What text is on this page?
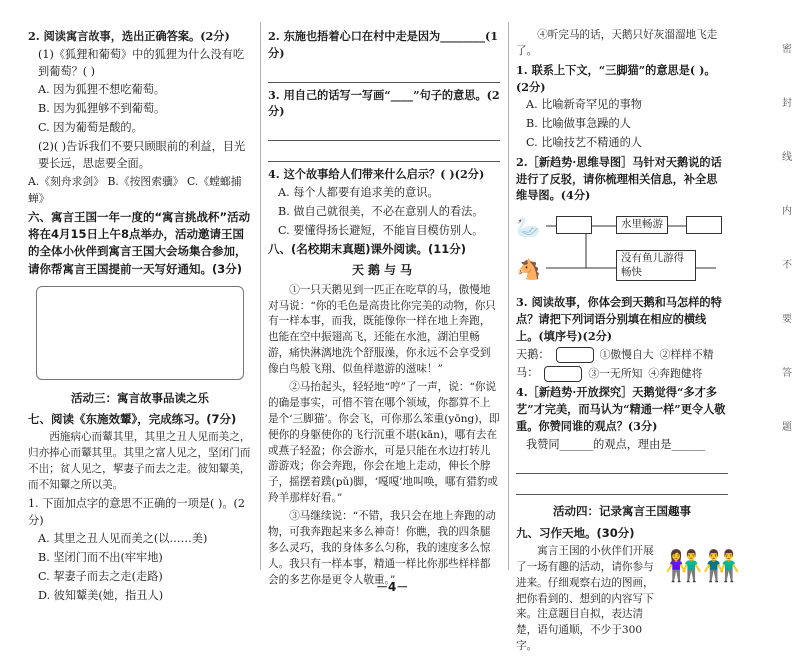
2. 阅读寓言故事，选出正确答案。(2分)
(1)《狐狸和葡萄》中的狐狸为什么没有吃到葡萄？( )
A. 因为狐狸不想吃葡萄。
B. 因为狐狸够不到葡萄。
C. 因为葡萄是酸的。
(2)( )告诉我们不要只顾眼前的利益，目光要长远，思虑要全面。
A.《刻舟求剑》 B.《按图索骥》 C.《螳螂捕蝉》
六、寓言王国一年一度的“寓言挑战杯”活动将在4月15日上午8点举办，活动邀请王国的全体小伙伴到寓言王国大会场集合参加，请你帮寓言王国提前一天写好通知。(3分)
活动三：寓言故事品读之乐
七、阅读《东施效颦》，完成练习。(7分)
西施病心而颦其里，其里之丑人见而美之，归亦捧心而颦其里。其里之富人见之，坚闭门而不出；贫人见之，挈妻子而去之走。彼知颦美，而不知颦之所以美。
1. 下面加点字的意思不正确的一项是( )。(2分)
A. 其里之丑人见而美之(以……美)
B. 坚闭门而不出(牢牢地)
C. 挈妻子而去之走(走路)
D. 彼知颦美(她，指丑人)
2. 东施也捂着心口在村中走是因为________(1分)
3. 用自己的话写一写画“____”句子的意思。(2分)
4. 这个故事给人们带来什么启示？( )(2分)
A. 每个人都要有追求美的意识。
B. 做自己就很美，不必在意别人的看法。
C. 要懂得扬长避短，不能盲目模仿别人。
八、(名校期末真题)课外阅读。(11分)
天鹅与马
①一只天鹅见到一匹正在吃草的马，傲慢地对马说：“你的毛色是高贵比你完美的动物，你只有一样本事，而我，既能像你一样在地上奔跑，也能在空中振翅高飞，还能在水池，湖泊里畅游，痛快淋漓地洗个舒服澡，你永远不会享受到像白鸟般飞翔、似鱼样遨游的滋味！”
②马抬起头，轻轻地“哼”了一声，说：“你说的确是事实，可惜不管在哪个领域，你都算不上是个‘三脚猫’。你会飞，可你那么笨重(yōng)，即便你的身躯使你的飞行沉重不堪(kān)，哪有去在或燕子轻盈；你会游水，可是只能在水边打转儿游游戏；你会奔跑，你会在地上走动，伸长个脖子，摇摆着蹼(pǔ)脚，‘嘎嘎’地叫唤，哪有猎豹或羚羊那样好看。”
③马继续说：“不错，我只会在地上奔跑的动物，可我奔跑起来多么神奇！你瞧，我的四条腿多么灵巧，我的身体多么匀称，我的速度多么惊人。我只有一样本事，精通一样比你那些样样都会的多艺你是更令人敬重。”
④听完马的话，天鹅只好灰溜溜地飞走了。
1. 联系上下文，“三脚猫”的意思是( )。(2分)
A. 比喻新奇罕见的事物
B. 比喻做事急躁的人
C. 比喻技艺不精通的人
2.［新趋势·思维导图］马针对天鹅说的话进行了反驳，请你梳理相关信息，补全思维导图。(4分)
🦢
🐴
水里畅游
没有鱼儿游得畅快
3. 阅读故事，你体会到天鹅和马怎样的特点？请把下列词语分别填在相应的横线上。(填序号)(2分)
天鹅：	①傲慢自大 ②样样不精
马：	③一无所知 ④奔跑健将
4.［新趋势·开放探究］天鹅觉得“多才多艺”才完美，而马认为“精通一样”更令人敬重。你赞同谁的观点？(3分)
我赞同______的观点，理由是______
活动四：记录寓言王国趣事
九、习作天地。(30分)
寓言王国的小伙伴们开展了一场有趣的活动，请你参与进来。仔细观察右边的图画，把你看到的、想到的内容写下来。注意题目自拟，表达清楚，语句通顺，不少于300字。
👫👬
密
封
线
内
不
要
答
题
－4－
